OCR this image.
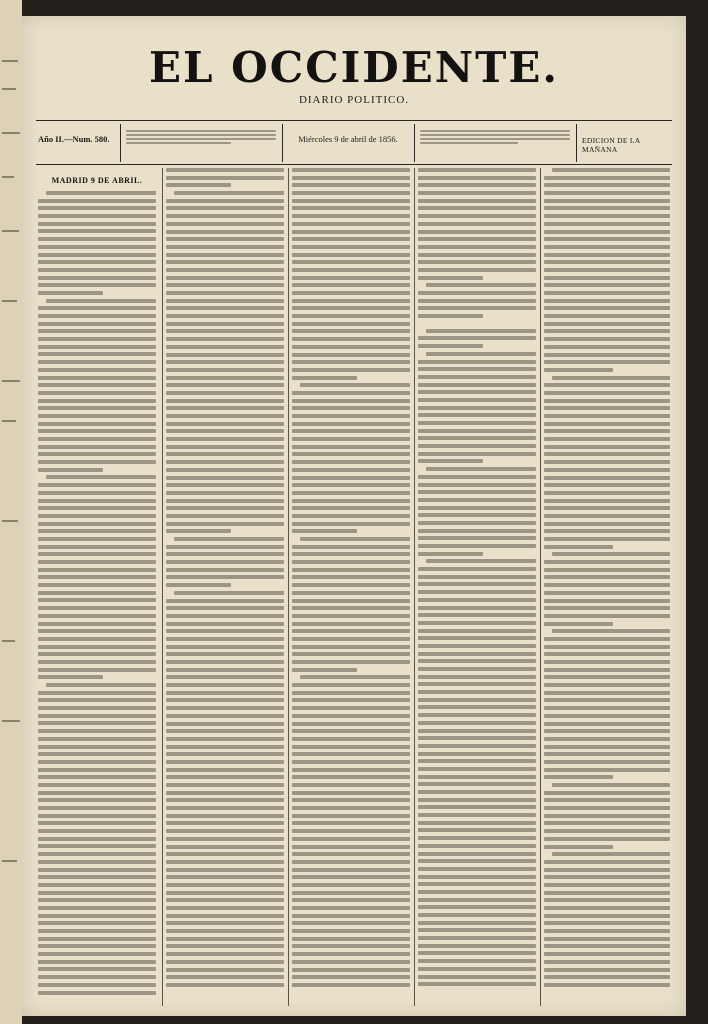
EL OCCIDENTE.
DIARIO POLITICO.
Año II.—Num. 580.	Miércoles 9 de abril de 1856.	EDICION DE LA MAÑANA
MADRID 9 DE ABRIL.
